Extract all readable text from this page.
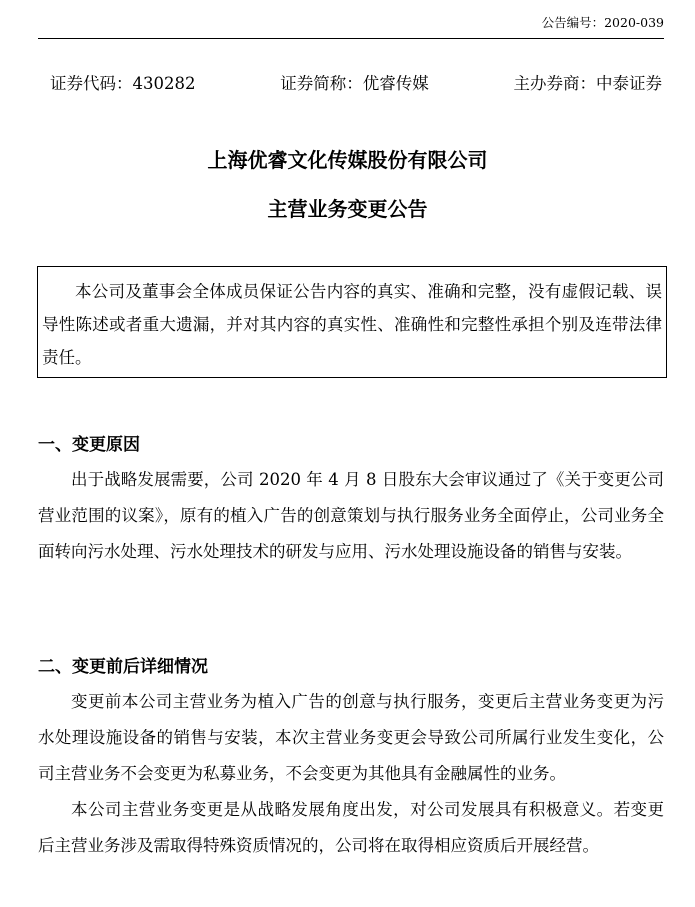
公告编号：2020-039
证券代码：430282	证券简称：优睿传媒	主办券商：中泰证券
上海优睿文化传媒股份有限公司
主营业务变更公告

本公司及董事会全体成员保证公告内容的真实、准确和完整，没有虚假记载、误导性陈述或者重大遗漏，并对其内容的真实性、准确性和完整性承担个别及连带法律责任。

一、变更原因

出于战略发展需要，公司 2020 年 4 月 8 日股东大会审议通过了《关于变更公司营业范围的议案》，原有的植入广告的创意策划与执行服务业务全面停止，公司业务全面转向污水处理、污水处理技术的研发与应用、污水处理设施设备的销售与安装。

二、变更前后详细情况

变更前本公司主营业务为植入广告的创意与执行服务，变更后主营业务变更为污水处理设施设备的销售与安装，本次主营业务变更会导致公司所属行业发生变化，公司主营业务不会变更为私募业务，不会变更为其他具有金融属性的业务。

本公司主营业务变更是从战略发展角度出发，对公司发展具有积极意义。若变更后主营业务涉及需取得特殊资质情况的，公司将在取得相应资质后开展经营。
